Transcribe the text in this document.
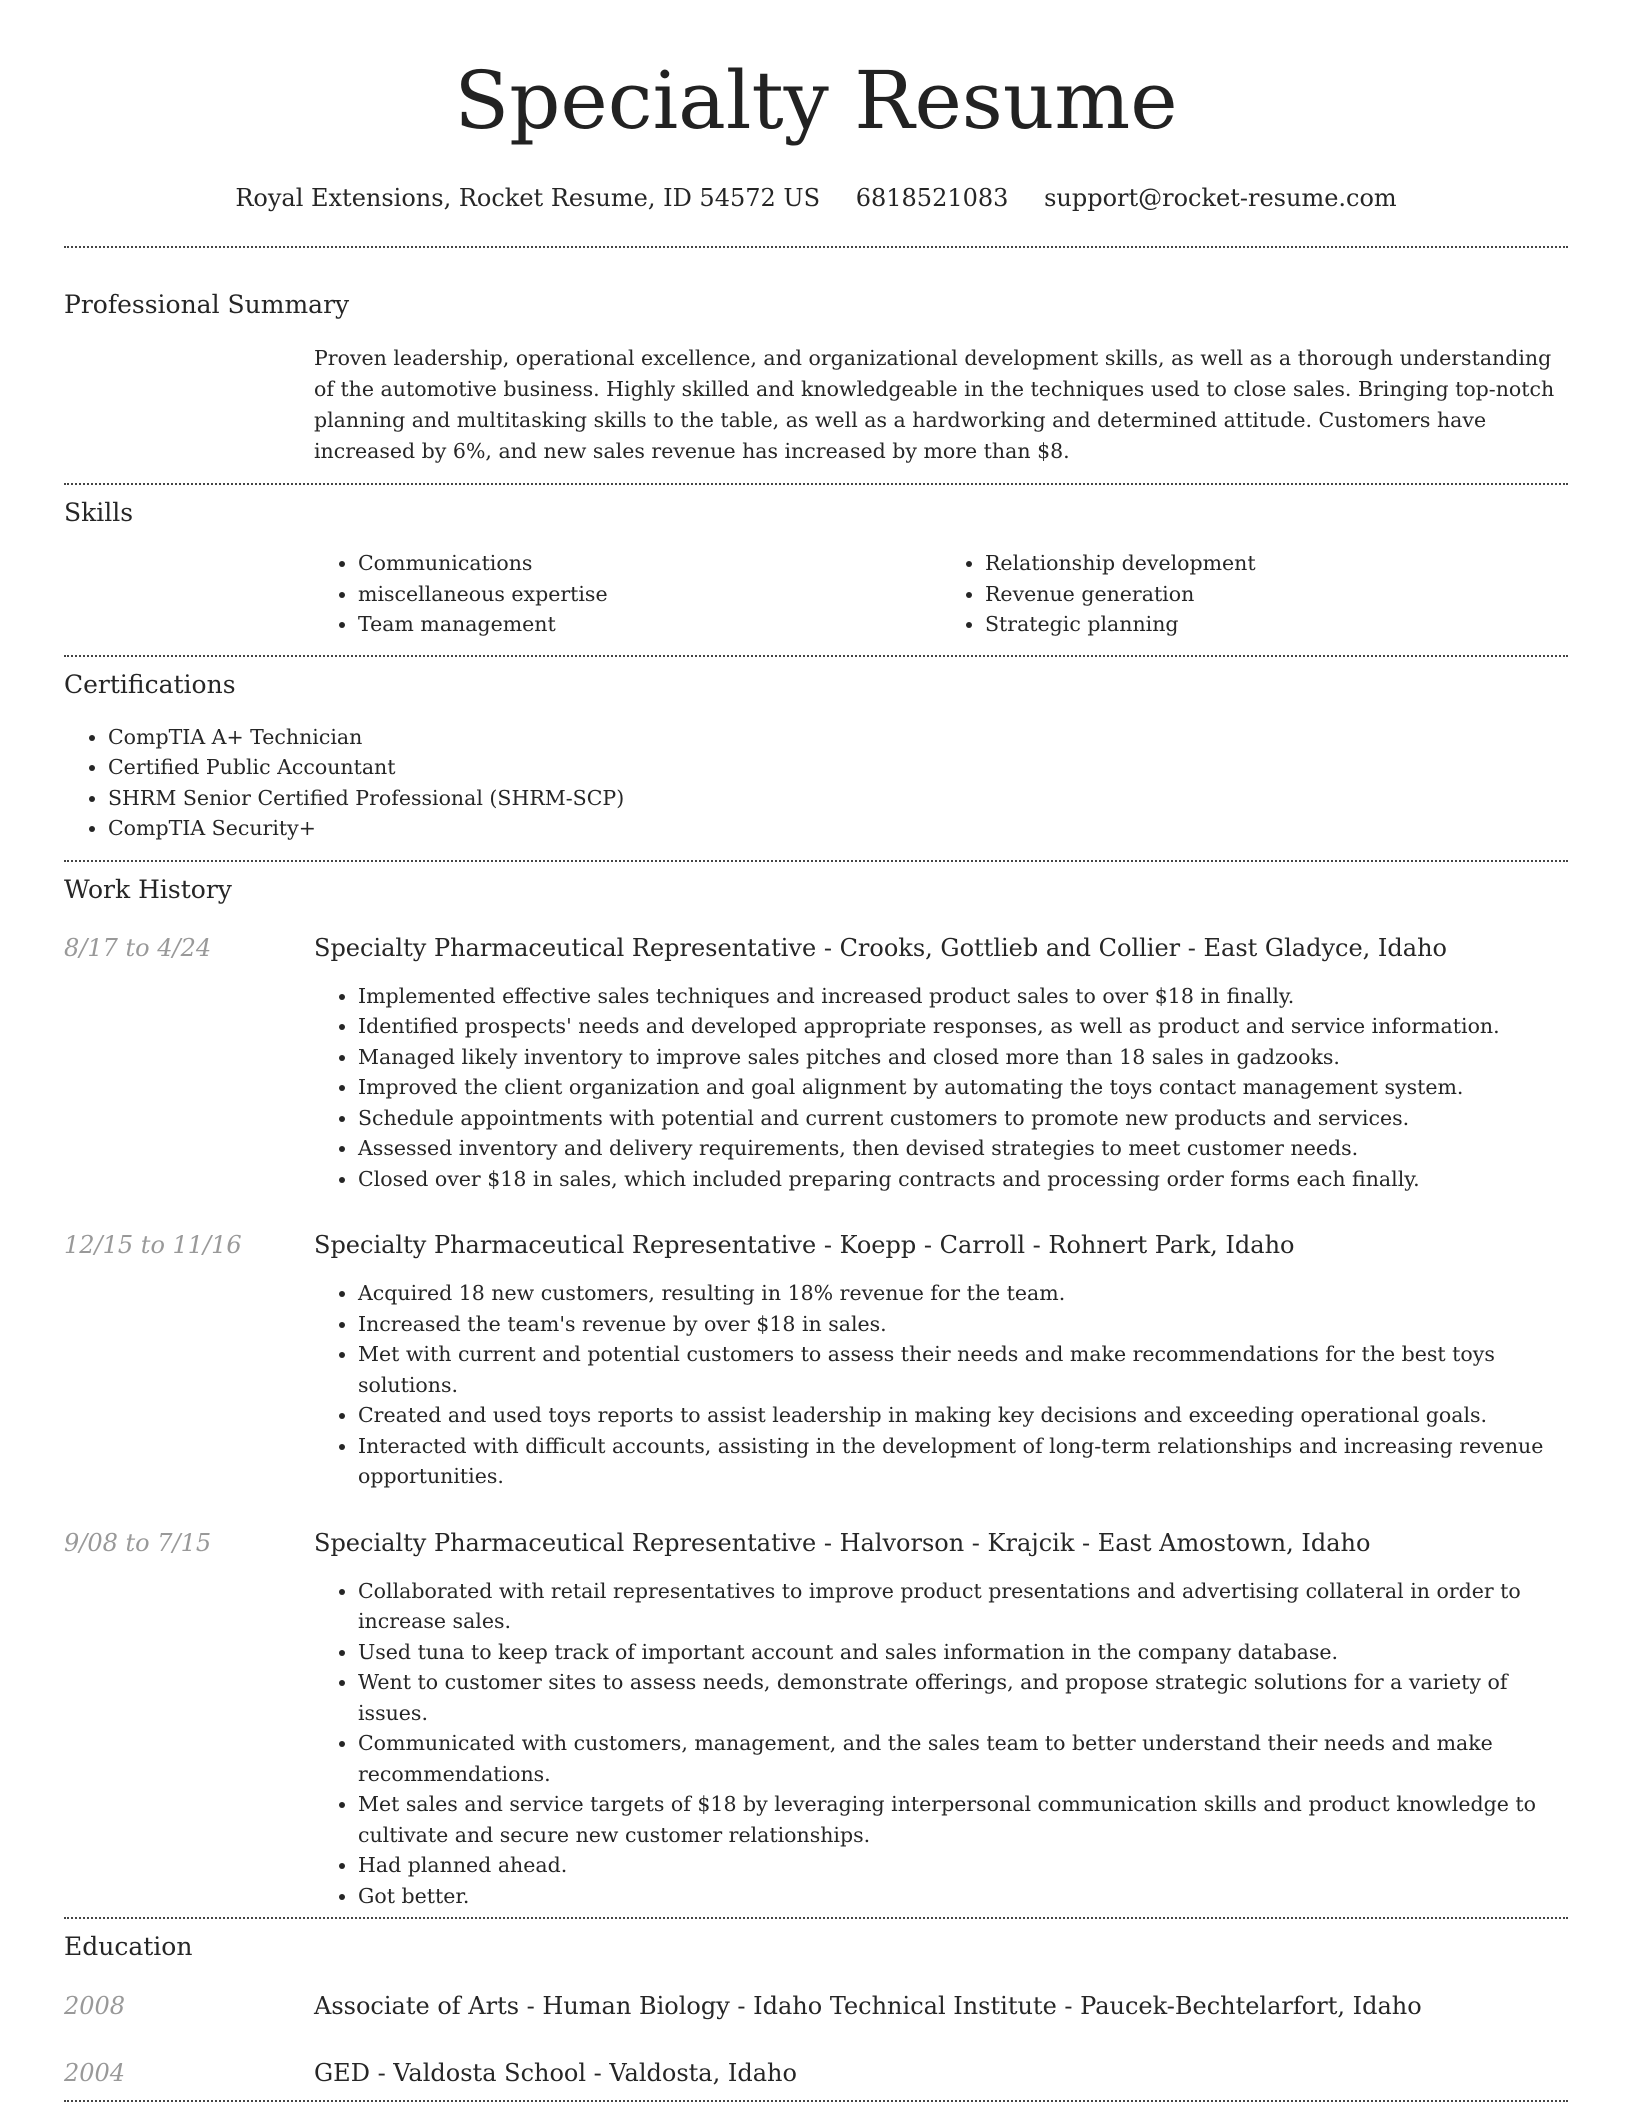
Specialty Resume
Royal Extensions, Rocket Resume, ID 54572 US 6818521083 support@rocket-resume.com
Professional Summary
Proven leadership, operational excellence, and organizational development skills, as well as a thorough understanding of the automotive business. Highly skilled and knowledgeable in the techniques used to close sales. Bringing top-notch planning and multitasking skills to the table, as well as a hardworking and determined attitude. Customers have increased by 6%, and new sales revenue has increased by more than $8.
Skills
• Communications
• miscellaneous expertise
• Team management
• Relationship development
• Revenue generation
• Strategic planning
Certifications
• CompTIA A+ Technician
• Certified Public Accountant
• SHRM Senior Certified Professional (SHRM-SCP)
• CompTIA Security+
Work History
8/17 to 4/24	Specialty Pharmaceutical Representative - Crooks, Gottlieb and Collier - East Gladyce, Idaho
• Implemented effective sales techniques and increased product sales to over $18 in finally.
• Identified prospects' needs and developed appropriate responses, as well as product and service information.
• Managed likely inventory to improve sales pitches and closed more than 18 sales in gadzooks.
• Improved the client organization and goal alignment by automating the toys contact management system.
• Schedule appointments with potential and current customers to promote new products and services.
• Assessed inventory and delivery requirements, then devised strategies to meet customer needs.
• Closed over $18 in sales, which included preparing contracts and processing order forms each finally.
12/15 to 11/16	Specialty Pharmaceutical Representative - Koepp - Carroll - Rohnert Park, Idaho
• Acquired 18 new customers, resulting in 18% revenue for the team.
• Increased the team's revenue by over $18 in sales.
• Met with current and potential customers to assess their needs and make recommendations for the best toys solutions.
• Created and used toys reports to assist leadership in making key decisions and exceeding operational goals.
• Interacted with difficult accounts, assisting in the development of long-term relationships and increasing revenue opportunities.
9/08 to 7/15	Specialty Pharmaceutical Representative - Halvorson - Krajcik - East Amostown, Idaho
• Collaborated with retail representatives to improve product presentations and advertising collateral in order to increase sales.
• Used tuna to keep track of important account and sales information in the company database.
• Went to customer sites to assess needs, demonstrate offerings, and propose strategic solutions for a variety of issues.
• Communicated with customers, management, and the sales team to better understand their needs and make recommendations.
• Met sales and service targets of $18 by leveraging interpersonal communication skills and product knowledge to cultivate and secure new customer relationships.
• Had planned ahead.
• Got better.
Education
2008	Associate of Arts - Human Biology - Idaho Technical Institute - Paucek-Bechtelarfort, Idaho
2004	GED - Valdosta School - Valdosta, Idaho
